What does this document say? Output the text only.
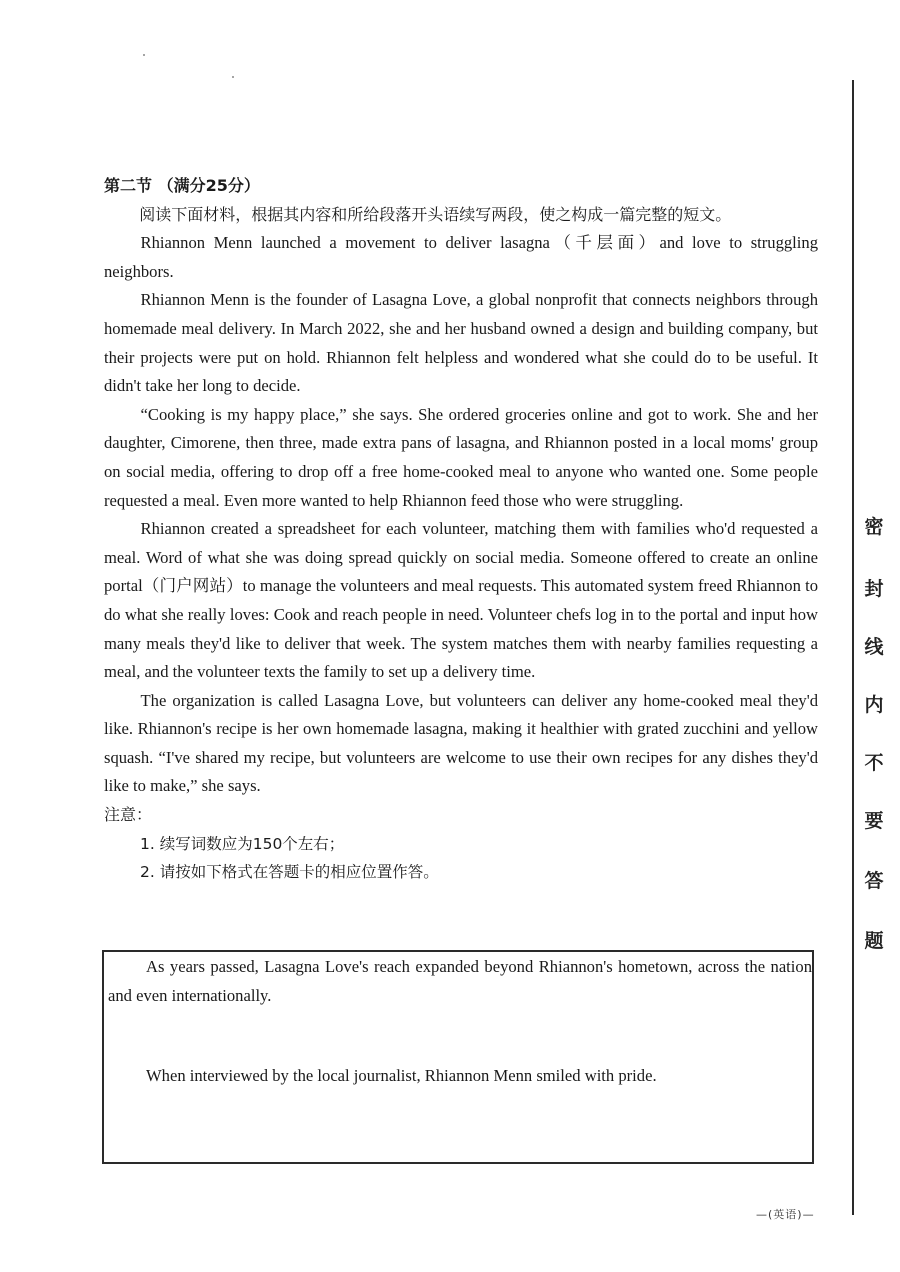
密
封
线
内
不
要
答
题

第二节 （满分25分）

阅读下面材料，根据其内容和所给段落开头语续写两段，使之构成一篇完整的短文。

Rhiannon Menn launched a movement to deliver lasagna（千层面）and love to struggling neighbors.

Rhiannon Menn is the founder of Lasagna Love, a global nonprofit that connects neighbors through homemade meal delivery. In March 2022, she and her husband owned a design and building company, but their projects were put on hold. Rhiannon felt helpless and wondered what she could do to be useful. It didn't take her long to decide.

“Cooking is my happy place,” she says. She ordered groceries online and got to work. She and her daughter, Cimorene, then three, made extra pans of lasagna, and Rhiannon posted in a local moms' group on social media, offering to drop off a free home-cooked meal to anyone who wanted one. Some people requested a meal. Even more wanted to help Rhiannon feed those who were struggling.

Rhiannon created a spreadsheet for each volunteer, matching them with families who'd requested a meal. Word of what she was doing spread quickly on social media. Someone offered to create an online portal（门户网站）to manage the volunteers and meal requests. This automated system freed Rhiannon to do what she really loves: Cook and reach people in need. Volunteer chefs log in to the portal and input how many meals they'd like to deliver that week. The system matches them with nearby families requesting a meal, and the volunteer texts the family to set up a delivery time.

The organization is called Lasagna Love, but volunteers can deliver any home-cooked meal they'd like. Rhiannon's recipe is her own homemade lasagna, making it healthier with grated zucchini and yellow squash. “I've shared my recipe, but volunteers are welcome to use their own recipes for any dishes they'd like to make,” she says.

注意：

1. 续写词数应为150个左右；

2. 请按如下格式在答题卡的相应位置作答。

As years passed, Lasagna Love's reach expanded beyond Rhiannon's hometown, across the nation and even internationally.
When interviewed by the local journalist, Rhiannon Menn smiled with pride.
—(英语)—
